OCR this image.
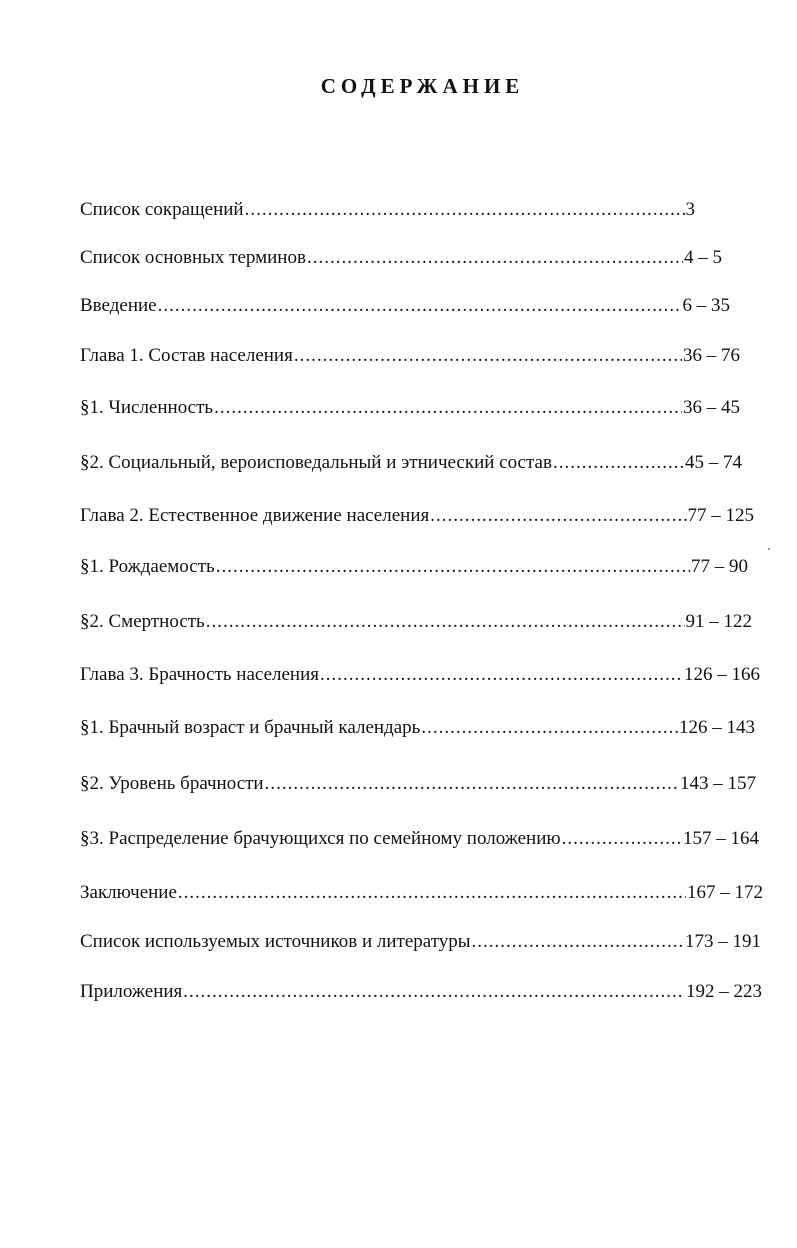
СОДЕРЖАНИЕ
Список сокращений .....	3
Список основных терминов .....	4 – 5
Введение .....	6 – 35
Глава 1. Состав населения .....	36 – 76
§1. Численность .....	36 – 45
§2. Социальный, вероисповедальный и этнический состав .....	45 – 74
Глава 2. Естественное движение населения .....	77 – 125
§1. Рождаемость .....	77 – 90
§2. Смертность .....	91 – 122
Глава 3. Брачность населения .....	126 – 166
§1. Брачный возраст и брачный календарь .....	126 – 143
§2. Уровень брачности .....	143 – 157
§3. Распределение брачующихся по семейному положению .....	157 – 164
Заключение .....	167 – 172
Список используемых источников и литературы .....	173 – 191
Приложения .....	192 – 223
